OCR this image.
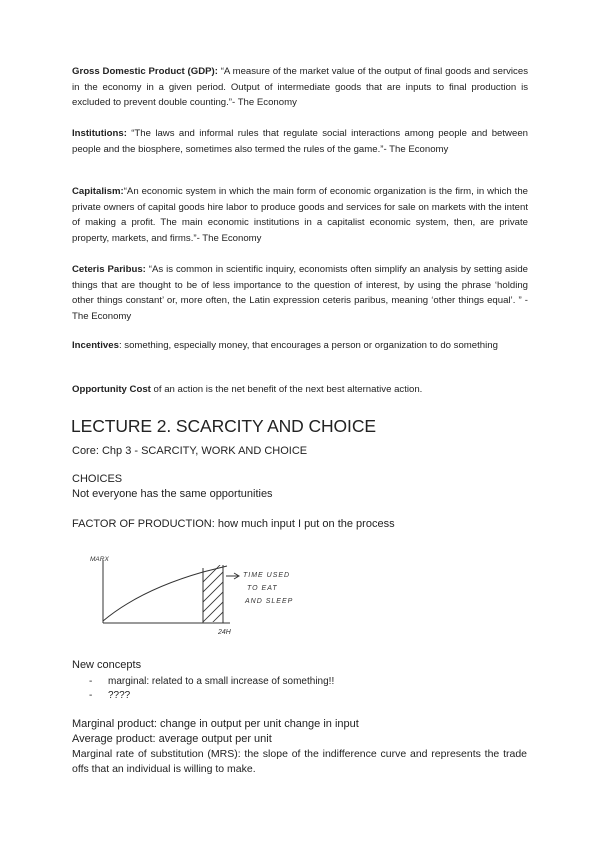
Gross Domestic Product (GDP): “A measure of the market value of the output of final goods and services in the economy in a given period. Output of intermediate goods that are inputs to final production is excluded to prevent double counting.”- The Economy

Institutions: “The laws and informal rules that regulate social interactions among people and between people and the biosphere, sometimes also termed the rules of the game.”- The Economy

Capitalism:“An economic system in which the main form of economic organization is the firm, in which the private owners of capital goods hire labor to produce goods and services for sale on markets with the intent of making a profit. The main economic institutions in a capitalist economic system, then, are private property, markets, and firms.”- The Economy

Ceteris Paribus: “As is common in scientific inquiry, economists often simplify an analysis by setting aside things that are thought to be of less importance to the question of interest, by using the phrase ‘holding other things constant’ or, more often, the Latin expression ceteris paribus, meaning ‘other things equal’. ” - The Economy

Incentives: something, especially money, that encourages a person or organization to do something

Opportunity Cost of an action is the net benefit of the next best alternative action.

LECTURE 2. SCARCITY AND CHOICE
Core: Chp 3 - SCARCITY, WORK AND CHOICE
CHOICES
Not everyone has the same opportunities
FACTOR OF PRODUCTION: how much input I put on the process
MARX
24H
TIME USED
TO EAT
AND SLEEP
New concepts
- marginal: related to a small increase of something!!
- ????
Marginal product: change in output per unit change in input
Average product: average output per unit
Marginal rate of substitution (MRS): the slope of the indifference curve and represents the trade offs that an individual is willing to make.
